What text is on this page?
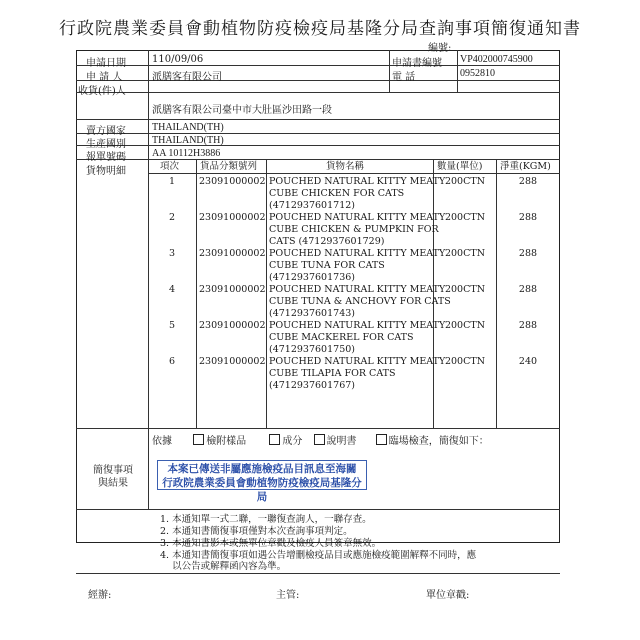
行政院農業委員會動植物防疫檢疫局基隆分局查詢事項簡復通知書
編號:
申請日期	110/09/06	申請書編號 VP402000745900
申 請 人	派膳客有限公司	電 話	0952810
收貨(件)人
派膳客有限公司臺中市大肚區沙田路一段
賣方國家	THAILAND(TH)
生產國別	THAILAND(TH)
報單號碼	AA 10112H3886
貨物明細	項次 貨品分類號列	貨物名稱	數量(單位) 淨重(KGM)
1	23091000002 POUCHED NATURAL KITTY MEATY
CUBE CHICKEN FOR CATS
(4712937601712)
200CTN	288
2	23091000002 POUCHED NATURAL KITTY MEATY
CUBE CHICKEN & PUMPKIN FOR
CATS (4712937601729)
200CTN	288
3	23091000002 POUCHED NATURAL KITTY MEATY
CUBE TUNA FOR CATS
(4712937601736)
200CTN	288
4	23091000002 POUCHED NATURAL KITTY MEATY
CUBE TUNA & ANCHOVY FOR CATS
(4712937601743)
200CTN	288
5	23091000002 POUCHED NATURAL KITTY MEATY
CUBE MACKEREL FOR CATS
(4712937601750)
200CTN	288
6	23091000002 POUCHED NATURAL KITTY MEATY
CUBE TILAPIA FOR CATS
(4712937601767)
200CTN	240
簡復事項
與結果
依據	檢附樣品	成分 說明書	臨場檢查，簡復如下：
本案已傳送非屬應施檢疫品目訊息至海關
行政院農業委員會動植物防疫檢疫局基隆分局
1. 本通知單一式二聯，一聯復查詢人，一聯存查。
2. 本通知書簡復事項僅對本次查詢事項判定。
3. 本通知書影本或無單位章戳及檢疫人員簽章無效。
4. 本通知書簡復事項如遇公告增刪檢疫品目或應施檢疫範圍解釋不同時，應
以公告或解釋函內容為準。
經辦:	主管:	單位章戳:
